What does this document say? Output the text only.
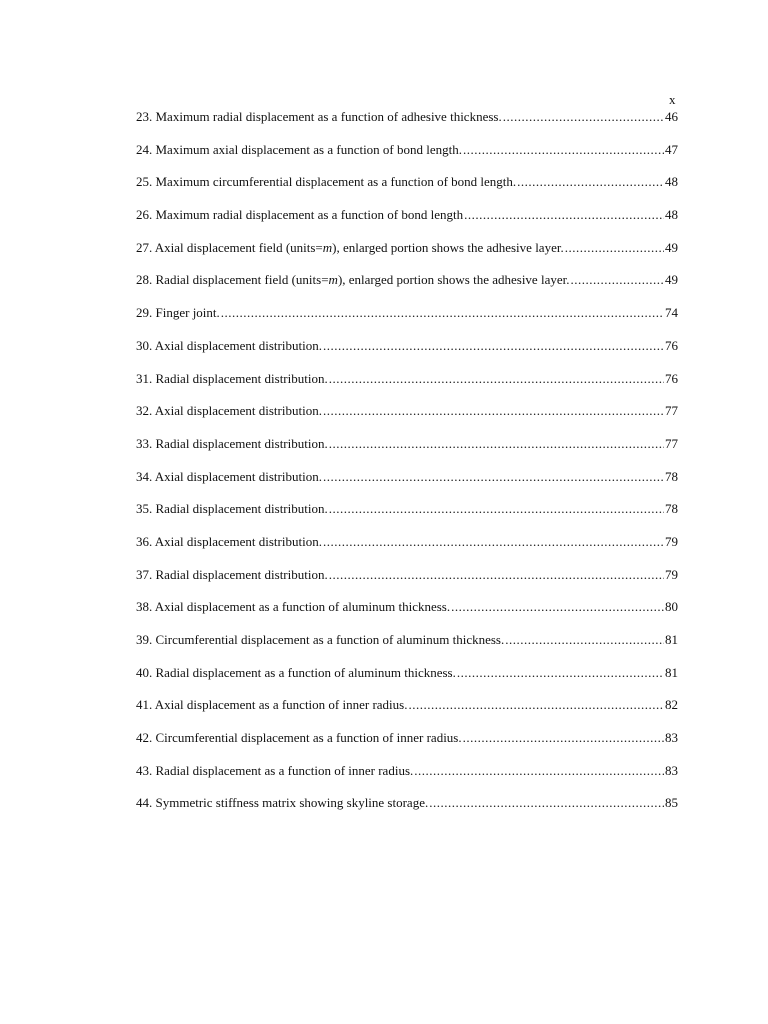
x
23. Maximum radial displacement as a function of adhesive thickness. .....	46
24. Maximum axial displacement as a function of bond length. .....	47
25. Maximum circumferential displacement as a function of bond length. .....	48
26. Maximum radial displacement as a function of bond length .....	48
27. Axial displacement field (units=m), enlarged portion shows the adhesive layer. .....	49
28. Radial displacement field (units=m), enlarged portion shows the adhesive layer. .....	49
29. Finger joint. .....	74
30. Axial displacement distribution. .....	76
31. Radial displacement distribution. .....	76
32. Axial displacement distribution. .....	77
33. Radial displacement distribution. .....	77
34. Axial displacement distribution. .....	78
35. Radial displacement distribution. .....	78
36. Axial displacement distribution. .....	79
37. Radial displacement distribution. .....	79
38. Axial displacement as a function of aluminum thickness. .....	80
39. Circumferential displacement as a function of aluminum thickness. .....	81
40. Radial displacement as a function of aluminum thickness. .....	81
41. Axial displacement as a function of inner radius. .....	82
42. Circumferential displacement as a function of inner radius. .....	83
43. Radial displacement as a function of inner radius. .....	83
44. Symmetric stiffness matrix showing skyline storage. .....	85
